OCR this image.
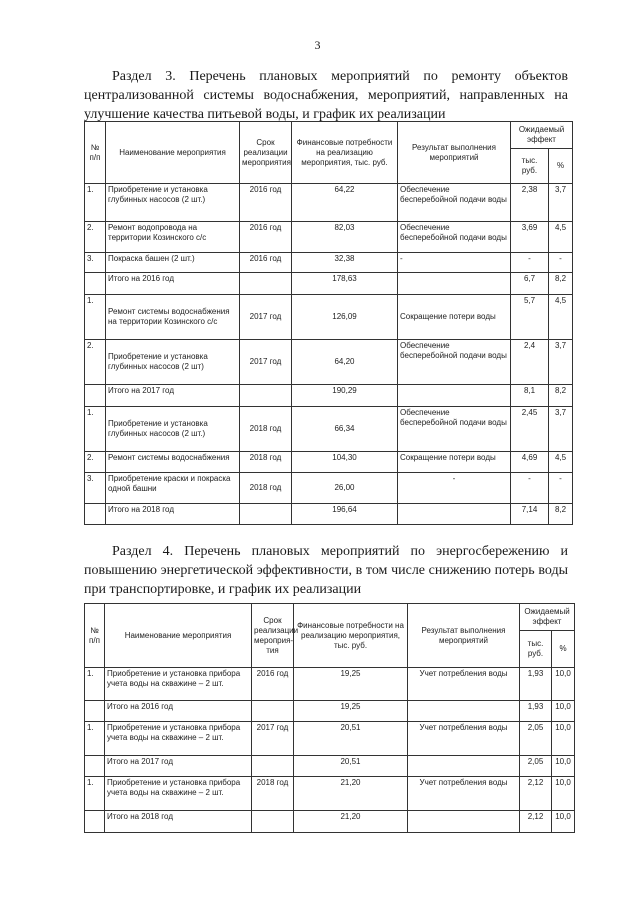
3
Раздел 3. Перечень плановых мероприятий по ремонту объектов централизованной системы водоснабжения, мероприятий, направленных на улучшение качества питьевой воды, и график их реализации
№ п/п	Наименование мероприятия	Срок реализации мероприятия	Финансовые потребности на реализацию мероприятия, тыс. руб.	Результат выполнения мероприятий	Ожидаемый эффект	
					тыс. руб.	%
1.	Приобретение и установка глубинных насосов (2 шт.)	2016 год	64,22	Обеспечение бесперебойной подачи воды	2,38	3,7
2.	Ремонт водопровода на территории Козинского с/с	2016 год	82,03	Обеспечение бесперебойной подачи воды	3,69	4,5
3.	Покраска башен (2 шт.)	2016 год	32,38	-	-	-
	Итого на 2016 год		178,63		6,7	8,2
1.	Ремонт системы водоснабжения на территории Козинского с/с	2017 год	126,09	Сокращение потери воды	5,7	4,5
2.	Приобретение и установка глубинных насосов (2 шт)	2017 год	64,20	Обеспечение бесперебойной подачи воды	2,4	3,7
	Итого на 2017 год		190,29		8,1	8,2
1.	Приобретение и установка глубинных насосов (2 шт.)	2018 год	66,34	Обеспечение бесперебойной подачи воды	2,45	3,7
2.	Ремонт системы водоснабжения	2018 год	104,30	Сокращение потери воды	4,69	4,5
3.	Приобретение краски и покраска одной башни	2018 год	26,00	-	-	-
	Итого на 2018 год		196,64		7,14	8,2
Раздел 4. Перечень плановых мероприятий по энергосбережению и повышению энергетической эффективности, в том числе снижению потерь воды при транспортировке, и график их реализации
№ п/п	Наименование мероприятия	Срок реализации мероприя-тия	Финансовые потребности на реализацию мероприятия, тыс. руб.	Результат выполнения мероприятий	Ожидаемый эффект	
					тыс. руб.	%
1.	Приобретение и установка прибора учета воды на скважине – 2 шт.	2016 год	19,25	Учет потребления воды	1,93	10,0
	Итого на 2016 год		19,25		1,93	10,0
1.	Приобретение и установка прибора учета воды на скважине – 2 шт.	2017 год	20,51	Учет потребления воды	2,05	10,0
	Итого на 2017 год		20,51		2,05	10,0
1.	Приобретение и установка прибора учета воды на скважине – 2 шт.	2018 год	21,20	Учет потребления воды	2,12	10,0
	Итого на 2018 год		21,20		2,12	10,0
